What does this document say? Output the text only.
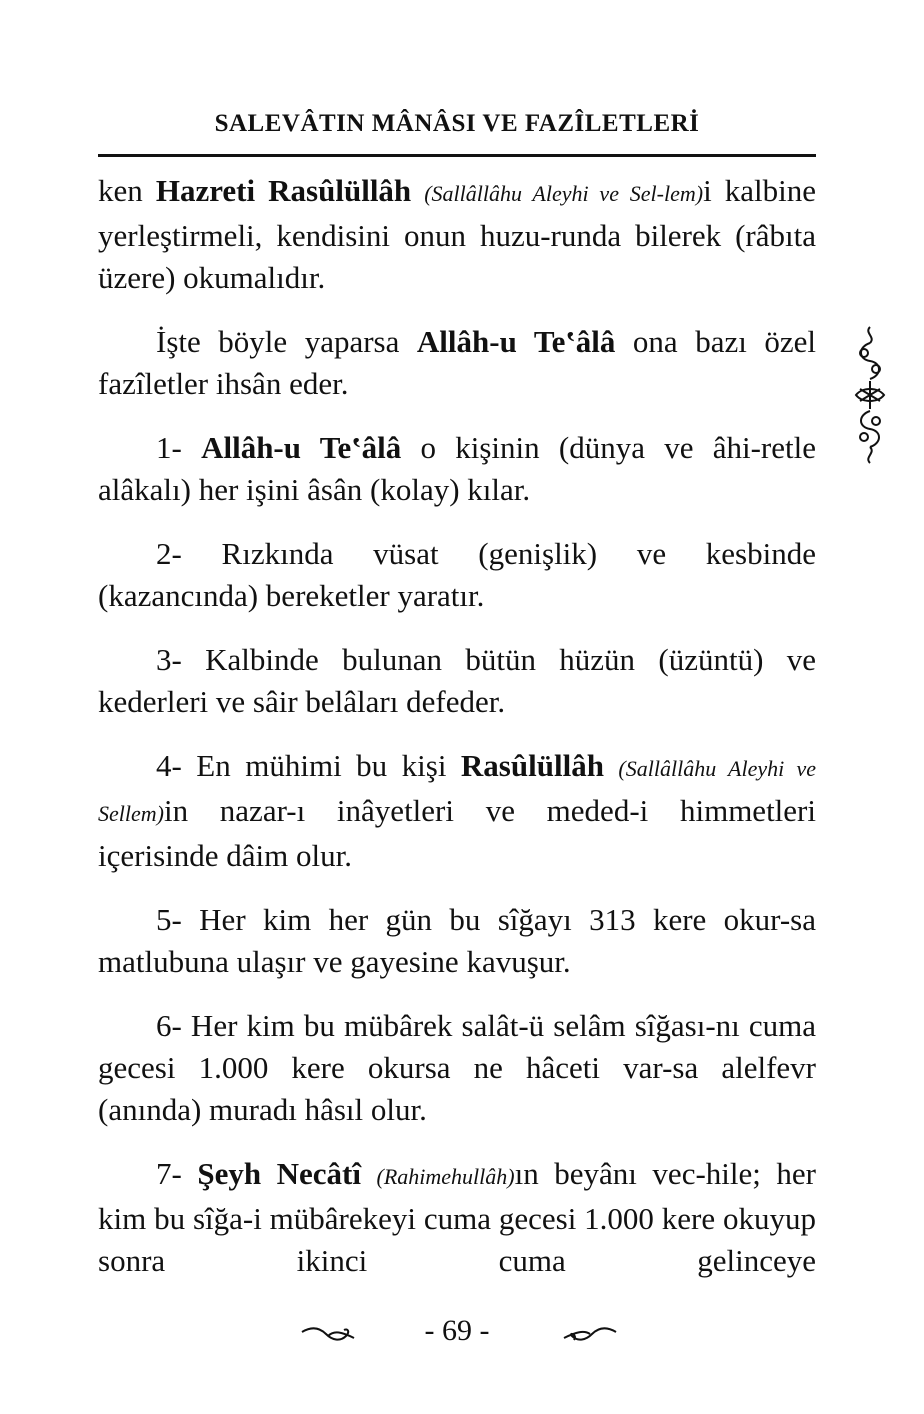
SALEVÂTIN MÂNÂSI VE FAZÎLETLERİ

ken Hazreti Rasûlüllâh (Sallâllâhu Aleyhi ve Sel-lem)i kalbine yerleştirmeli, kendisini onun huzu-runda bilerek (râbıta üzere) okumalıdır.

İşte böyle yaparsa Allâh-u Te‛âlâ ona bazı özel fazîletler ihsân eder.

1- Allâh-u Te‛âlâ o kişinin (dünya ve âhi-retle alâkalı) her işini âsân (kolay) kılar.

2- Rızkında vüsat (genişlik) ve kesbinde (kazancında) bereketler yaratır.

3- Kalbinde bulunan bütün hüzün (üzüntü) ve kederleri ve sâir belâları defeder.

4- En mühimi bu kişi Rasûlüllâh (Sallâllâhu Aleyhi ve Sellem)in nazar-ı inâyetleri ve meded-i himmetleri içerisinde dâim olur.

5- Her kim her gün bu sîğayı 313 kere okur-sa matlubuna ulaşır ve gayesine kavuşur.

6- Her kim bu mübârek salât-ü selâm sîğası-nı cuma gecesi 1.000 kere okursa ne hâceti var-sa alelfevr (anında) muradı hâsıl olur.

7- Şeyh Necâtî (Rahimehullâh)ın beyânı vec-hile; her kim bu sîğa-i mübârekeyi cuma gecesi 1.000 kere okuyup sonra ikinci cuma gelinceye

- 69 -
